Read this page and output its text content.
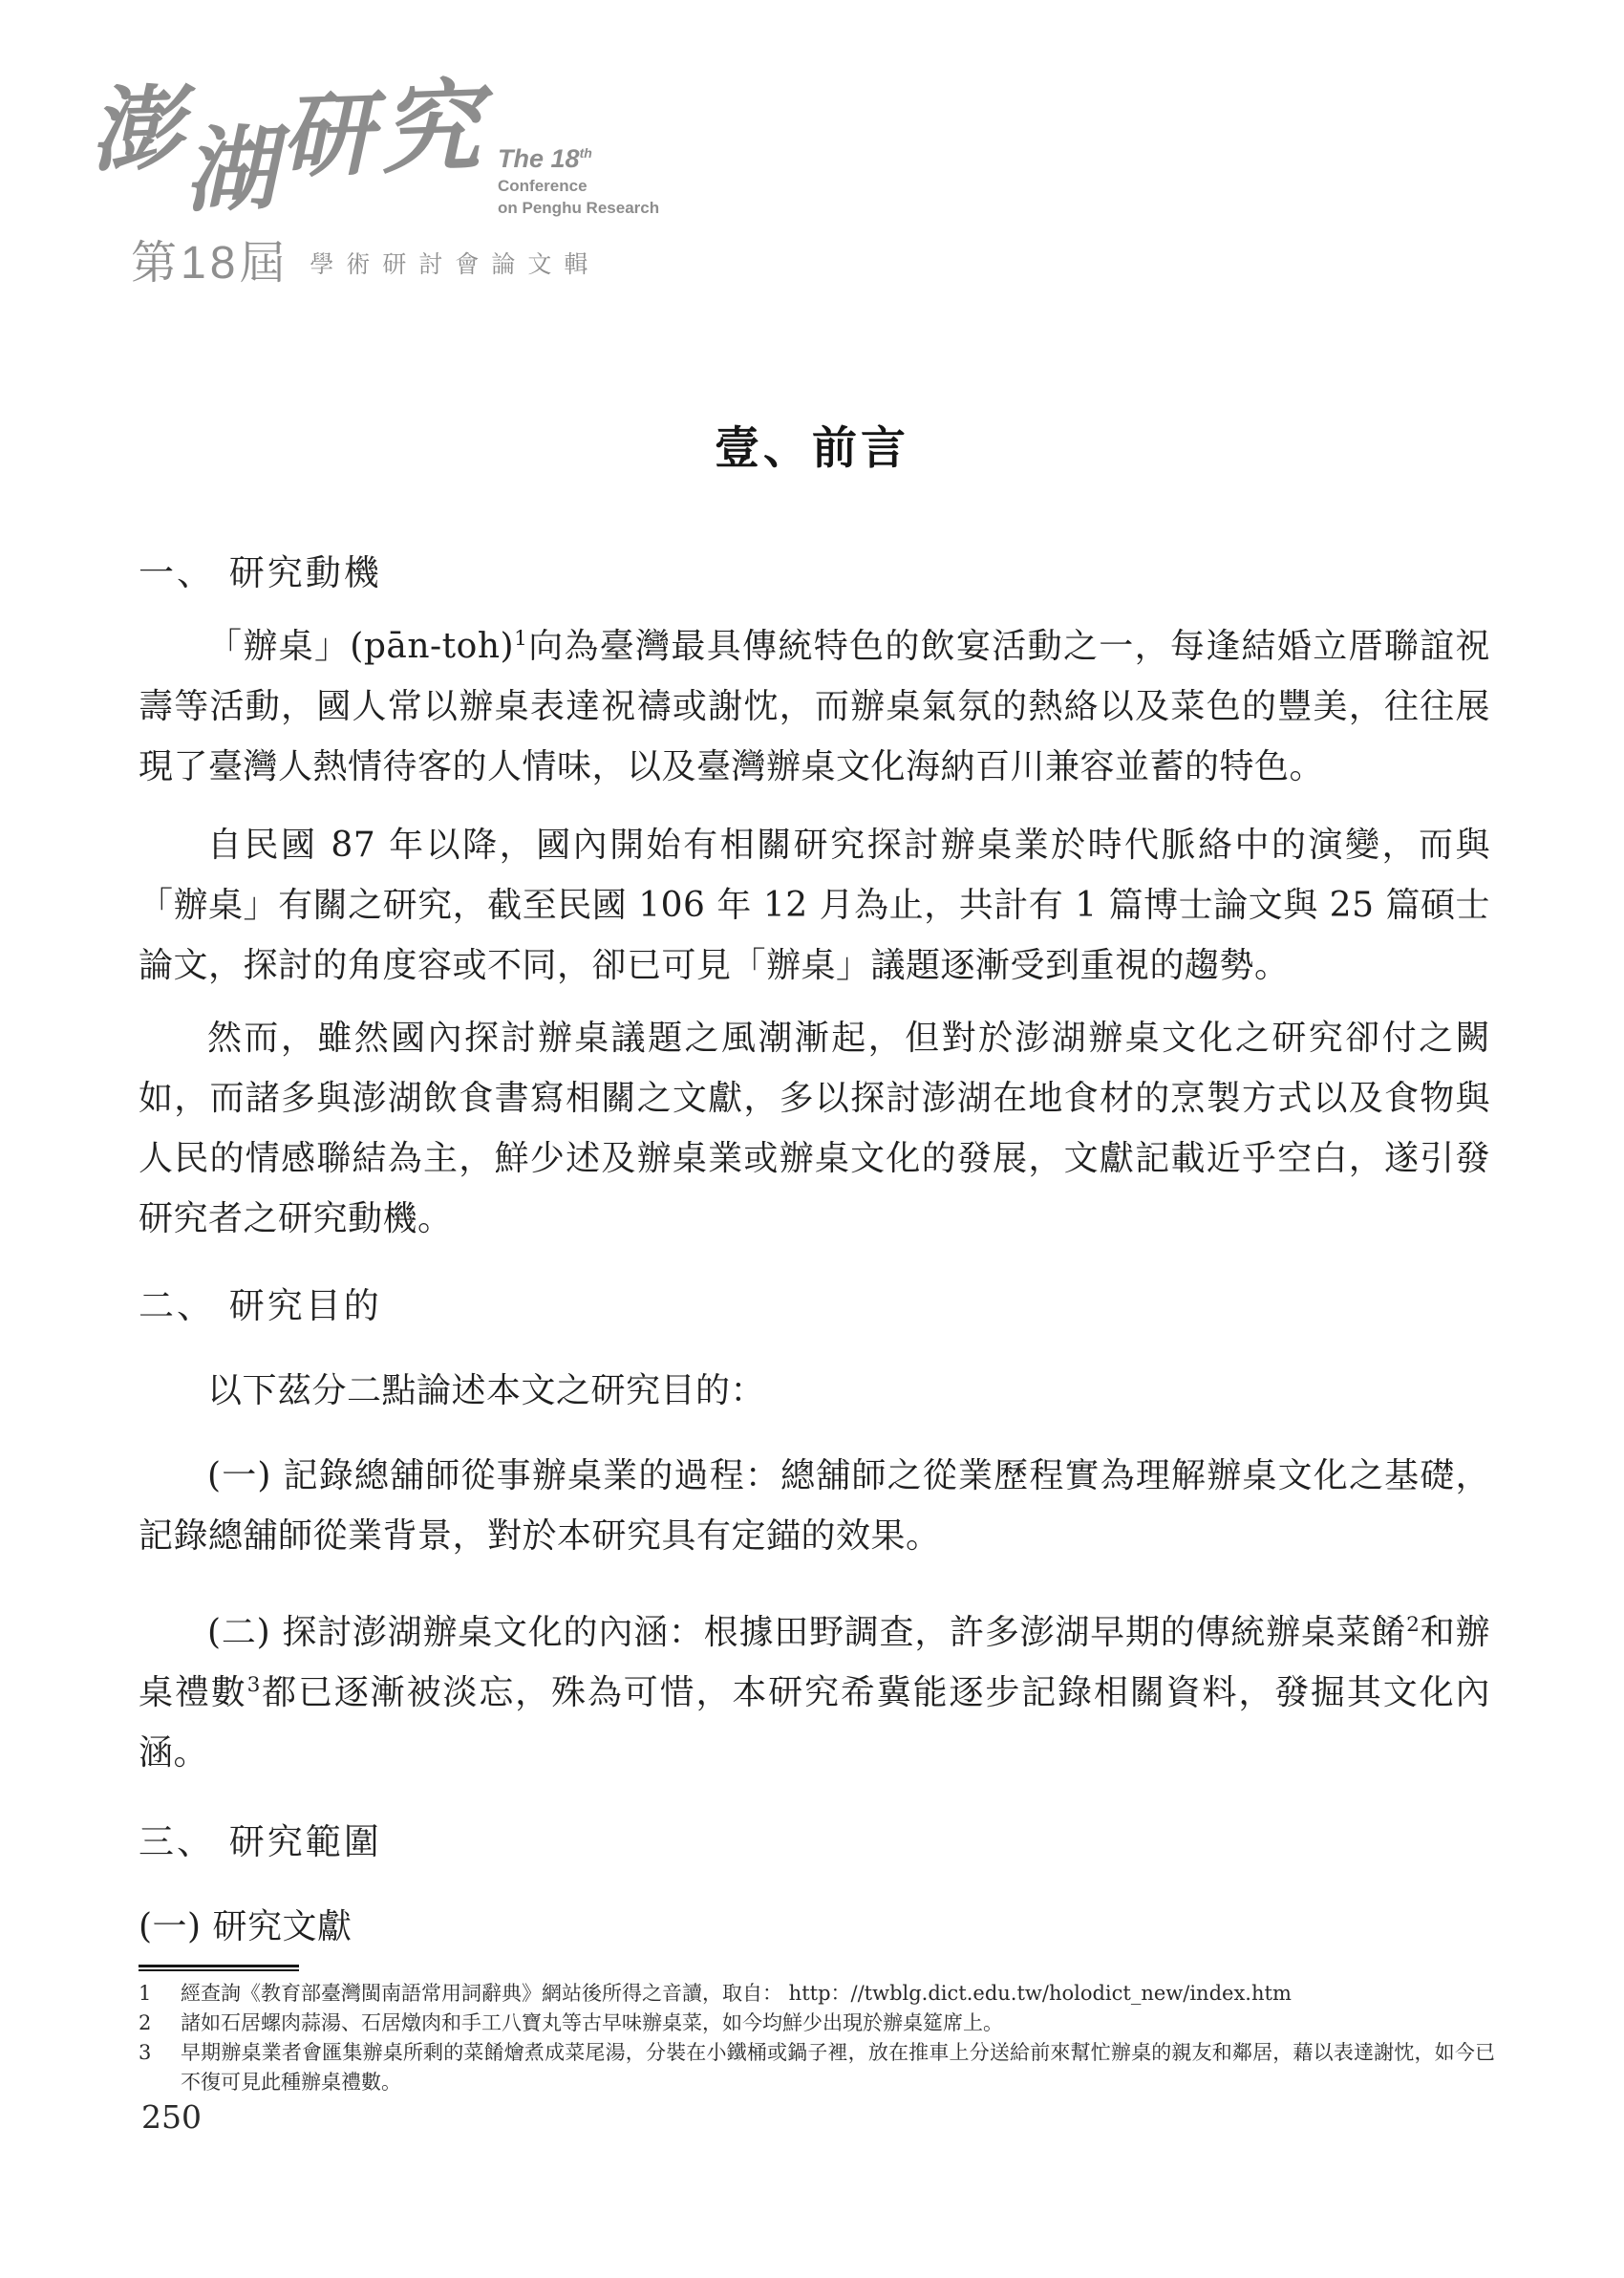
澎
湖 研 究 The 18th
Conference
on Penghu Research
第18屆 學術研討會論文輯
壹、前言
一、 研究動機

「辦桌」(pān-toh)$^1$向為臺灣最具傳統特色的飲宴活動之一，每逢結婚立厝聯誼祝壽等活動，國人常以辦桌表達祝禱或謝忱，而辦桌氣氛的熱絡以及菜色的豐美，往往展現了臺灣人熱情待客的人情味，以及臺灣辦桌文化海納百川兼容並蓄的特色。

自民國 87 年以降，國內開始有相關研究探討辦桌業於時代脈絡中的演變，而與「辦桌」有關之研究，截至民國 106 年 12 月為止，共計有 1 篇博士論文與 25 篇碩士論文，探討的角度容或不同，卻已可見「辦桌」議題逐漸受到重視的趨勢。

然而，雖然國內探討辦桌議題之風潮漸起，但對於澎湖辦桌文化之研究卻付之闕如，而諸多與澎湖飲食書寫相關之文獻，多以探討澎湖在地食材的烹製方式以及食物與人民的情感聯結為主，鮮少述及辦桌業或辦桌文化的發展，文獻記載近乎空白，遂引發研究者之研究動機。

二、 研究目的

以下茲分二點論述本文之研究目的：

(一) 記錄總舖師從事辦桌業的過程：總舖師之從業歷程實為理解辦桌文化之基礎，記錄總舖師從業背景，對於本研究具有定錨的效果。

(二) 探討澎湖辦桌文化的內涵：根據田野調查，許多澎湖早期的傳統辦桌菜餚$^2$和辦桌禮數$^3$都已逐漸被淡忘，殊為可惜，本研究希冀能逐步記錄相關資料，發掘其文化內涵。

三、 研究範圍

(一) 研究文獻

1	經查詢《教育部臺灣閩南語常用詞辭典》網站後所得之音讀，取自： http：//twblg.dict.edu.tw/holodict_new/index.htm
2	諸如石居螺肉蒜湯、石居燉肉和手工八寶丸等古早味辦桌菜，如今均鮮少出現於辦桌筵席上。
3	早期辦桌業者會匯集辦桌所剩的菜餚燴煮成菜尾湯，分裝在小鐵桶或鍋子裡，放在推車上分送給前來幫忙辦桌的親友和鄰居，藉以表達謝忱，如今已不復可見此種辦桌禮數。
250
